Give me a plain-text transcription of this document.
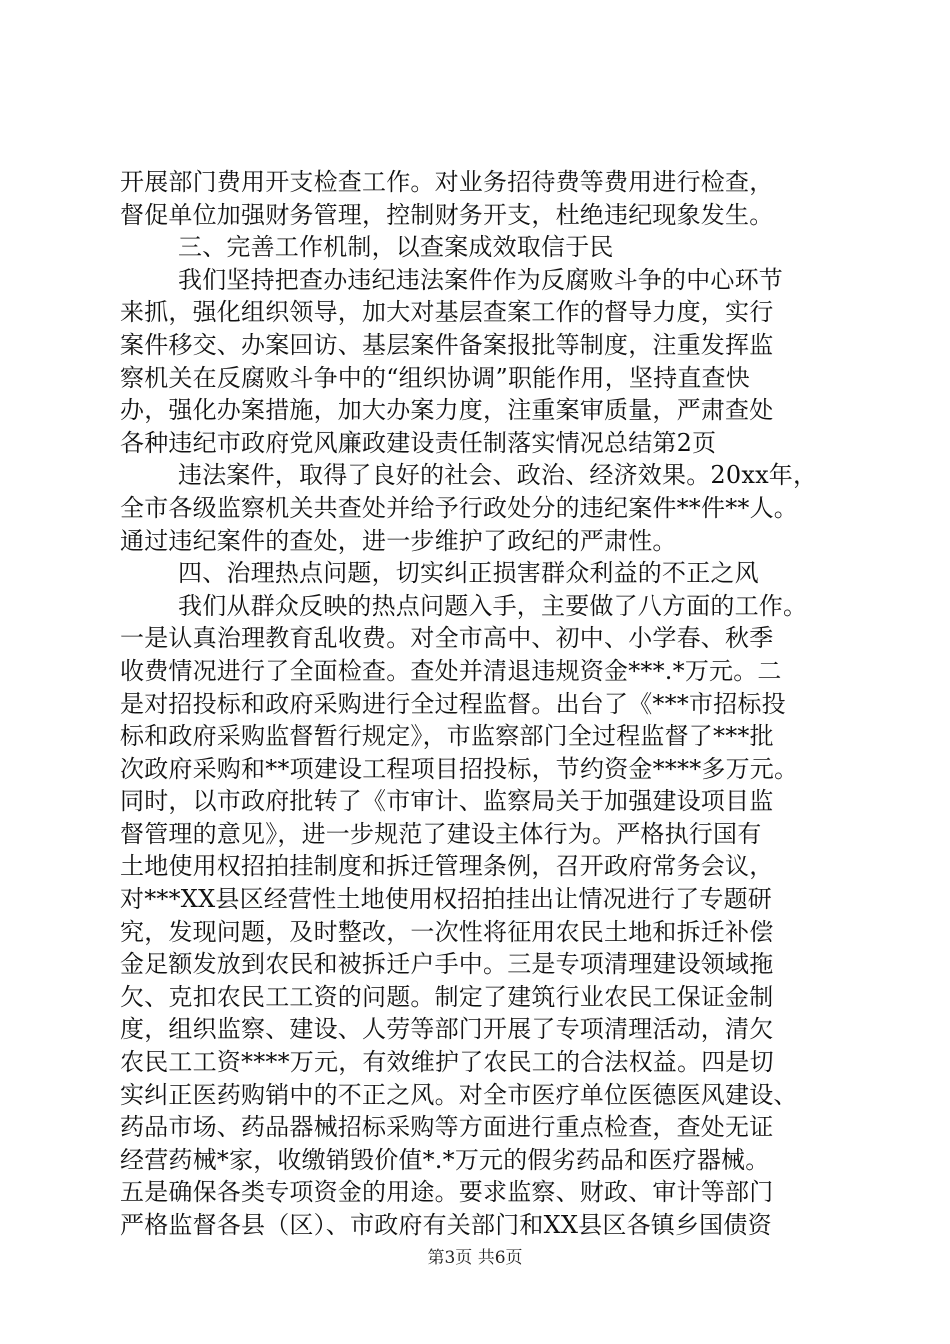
开展部门费用开支检查工作。对业务招待费等费用进行检查，
督促单位加强财务管理，控制财务开支，杜绝违纪现象发生。
三、完善工作机制，以查案成效取信于民
我们坚持把查办违纪违法案件作为反腐败斗争的中心环节
来抓，强化组织领导，加大对基层查案工作的督导力度，实行
案件移交、办案回访、基层案件备案报批等制度，注重发挥监
察机关在反腐败斗争中的“组织协调”职能作用，坚持直查快
办，强化办案措施，加大办案力度，注重案审质量，严肃查处
各种违纪市政府党风廉政建设责任制落实情况总结第2页
违法案件，取得了良好的社会、政治、经济效果。20xx年，
全市各级监察机关共查处并给予行政处分的违纪案件**件**人。
通过违纪案件的查处，进一步维护了政纪的严肃性。
四、治理热点问题，切实纠正损害群众利益的不正之风
我们从群众反映的热点问题入手，主要做了八方面的工作。
一是认真治理教育乱收费。对全市高中、初中、小学春、秋季
收费情况进行了全面检查。查处并清退违规资金***.*万元。二
是对招投标和政府采购进行全过程监督。出台了《***市招标投
标和政府采购监督暂行规定》，市监察部门全过程监督了***批
次政府采购和**项建设工程项目招投标，节约资金****多万元。
同时，以市政府批转了《市审计、监察局关于加强建设项目监
督管理的意见》，进一步规范了建设主体行为。严格执行国有
土地使用权招拍挂制度和拆迁管理条例，召开政府常务会议，
对***XX县区经营性土地使用权招拍挂出让情况进行了专题研
究，发现问题，及时整改，一次性将征用农民土地和拆迁补偿
金足额发放到农民和被拆迁户手中。三是专项清理建设领域拖
欠、克扣农民工工资的问题。制定了建筑行业农民工保证金制
度，组织监察、建设、人劳等部门开展了专项清理活动，清欠
农民工工资****万元，有效维护了农民工的合法权益。四是切
实纠正医药购销中的不正之风。对全市医疗单位医德医风建设、
药品市场、药品器械招标采购等方面进行重点检查，查处无证
经营药械*家，收缴销毁价值*.*万元的假劣药品和医疗器械。
五是确保各类专项资金的用途。要求监察、财政、审计等部门
严格监督各县（区）、市政府有关部门和XX县区各镇乡国债资
第3页 共6页
